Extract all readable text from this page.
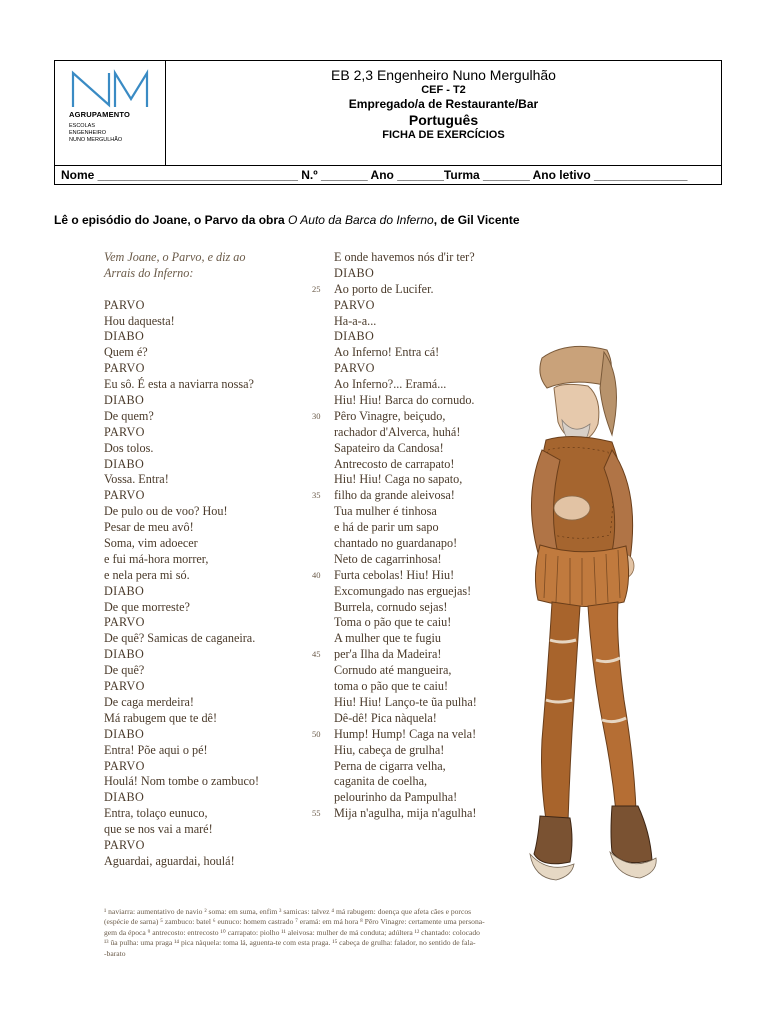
AGRUPAMENTO
ESCOLAS
ENGENHEIRO
NUNO MERGULHÃO
EB 2,3 Engenheiro Nuno Mergulhão
CEF - T2
Empregado/a de Restaurante/Bar
Português
FICHA DE EXERCÍCIOS
Nome ______________________________ N.º _______ Ano _______Turma _______ Ano letivo ______________
Lê o episódio do Joane, o Parvo da obra O Auto da Barca do Inferno, de Gil Vicente
Vem Joane, o Parvo, e diz ao
Arrais do Inferno:
PARVO
Hou daquesta!
DIABO
Quem é?
PARVO
Eu sô. É esta a naviarra nossa?
DIABO
De quem?
PARVO
Dos tolos.
DIABO
Vossa. Entra!
PARVO
De pulo ou de voo? Hou!
Pesar de meu avô!
Soma, vim adoecer
e fui má-hora morrer,
e nela pera mi só.
DIABO
De que morreste?
PARVO
De quê? Samicas de caganeira.
DIABO
De quê?
PARVO
De caga merdeira!
Má rabugem que te dê!
DIABO
Entra! Põe aqui o pé!
PARVO
Houlá! Nom tombe o zambuco!
DIABO
Entra, tolaço eunuco,
que se nos vai a maré!
PARVO
Aguardai, aguardai, houlá!
E onde havemos nós d'ir ter?
DIABO
Ao porto de Lucifer.
25
PARVO
Ha-a-a...
DIABO
Ao Inferno! Entra cá!
PARVO
Ao Inferno?... Eramá...
Hiu! Hiu! Barca do cornudo.
Pêro Vinagre, beiçudo,
30
rachador d'Alverca, huhá!
Sapateiro da Candosa!
Antrecosto de carrapato!
Hiu! Hiu! Caga no sapato,
filho da grande aleivosa!
35
Tua mulher é tinhosa
e há de parir um sapo
chantado no guardanapo!
Neto de cagarrinhosa!
Furta cebolas! Hiu! Hiu!
40
Excomungado nas erguejas!
Burrela, cornudo sejas!
Toma o pão que te caiu!
A mulher que te fugiu
per'a Ilha da Madeira!
45
Cornudo até mangueira,
toma o pão que te caiu!
Hiu! Hiu! Lanço-te ũa pulha!
Dê-dê! Pica nàquela!
Hump! Hump! Caga na vela!
50
Hiu, cabeça de grulha!
Perna de cigarra velha,
caganita de coelha,
pelourinho da Pampulha!
Mija n'agulha, mija n'agulha!
55
¹ naviarra: aumentativo de navio ² soma: em suma, enfim ³ samicas: talvez ⁴ má rabugem: doença que afeta cães e porcos
(espécie de sarna) ⁵ zambuco: batel ⁶ eunuco: homem castrado ⁷ eramá: em má hora ⁸ Pêro Vinagre: certamente uma persona-
gem da época ⁹ antrecosto: entrecosto ¹⁰ carrapato: piolho ¹¹ aleivosa: mulher de má conduta; adúltera ¹² chantado: colocado
¹³ ũa pulha: uma praga ¹⁴ pica nàquela: toma lá, aguenta-te com esta praga. ¹⁵ cabeça de grulha: falador, no sentido de fala-
-barato
